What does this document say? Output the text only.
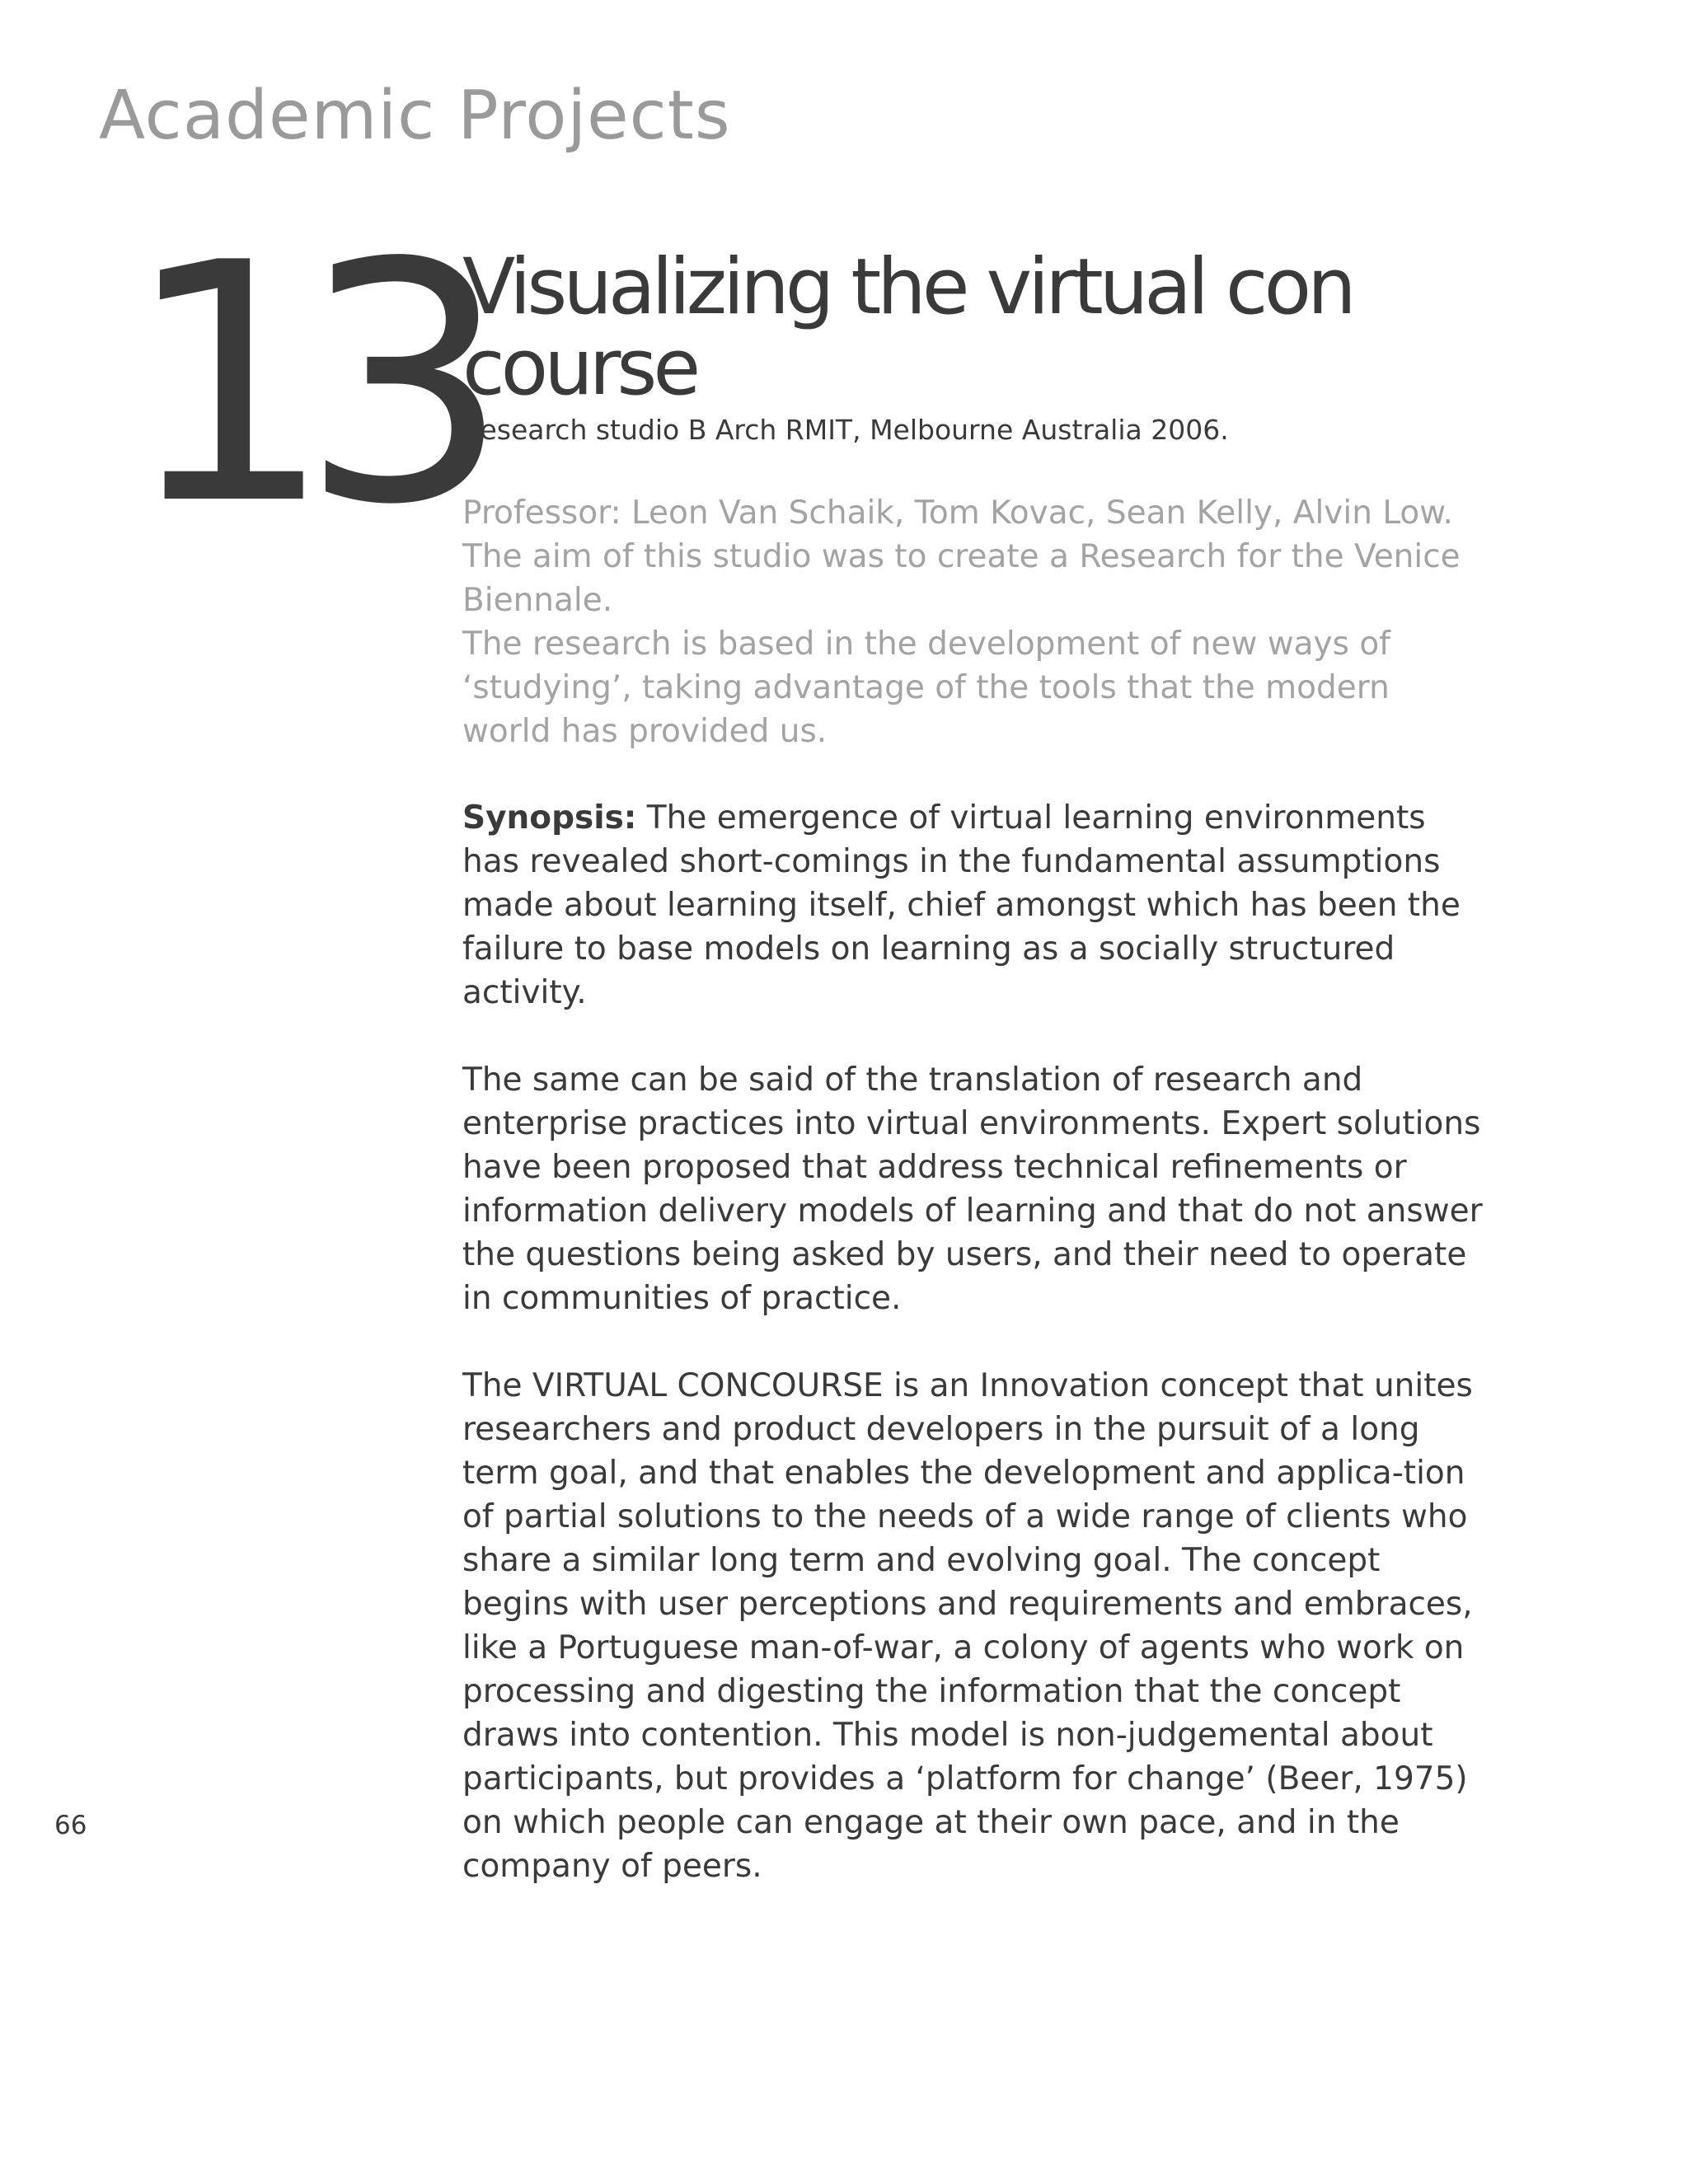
Academic Projects
13
Visualizing the virtual con course
Research studio B Arch RMIT, Melbourne Australia 2006.

Professor: Leon Van Schaik, Tom Kovac, Sean Kelly, Alvin Low.

The aim of this studio was to create a Research for the Venice Biennale.

The research is based in the development of new ways of ‘studying’, taking advantage of the tools that the modern world has provided us.

Synopsis: The emergence of virtual learning environments has revealed short-comings in the fundamental assumptions made about learning itself, chief amongst which has been the failure to base models on learning as a socially structured activity.

The same can be said of the translation of research and enterprise practices into virtual environments. Expert solutions have been proposed that address technical refinements or information delivery models of learning and that do not answer the questions being asked by users, and their need to operate in communities of practice.

The VIRTUAL CONCOURSE is an Innovation concept that unites researchers and product developers in the pursuit of a long term goal, and that enables the development and applica-tion of partial solutions to the needs of a wide range of clients who share a similar long term and evolving goal. The concept begins with user perceptions and requirements and embraces, like a Portuguese man-of-war, a colony of agents who work on processing and digesting the information that the concept draws into contention. This model is non-judgemental about participants, but provides a ‘platform for change’ (Beer, 1975) on which people can engage at their own pace, and in the company of peers.

66
